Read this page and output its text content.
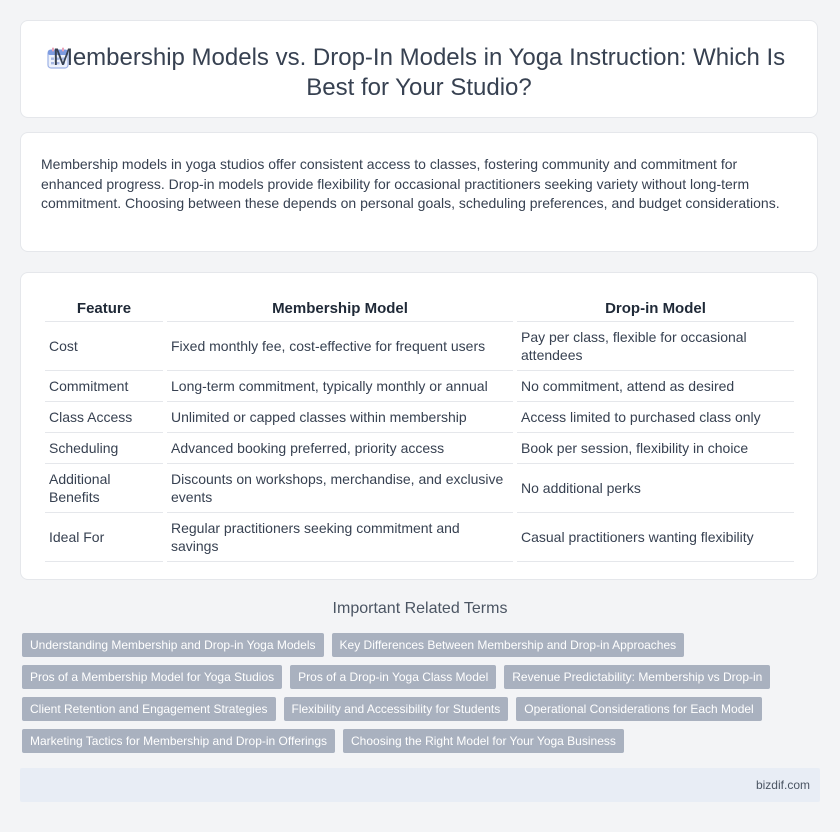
Membership Models vs. Drop-In Models in Yoga Instruction: Which Is Best for Your Studio?
Membership models in yoga studios offer consistent access to classes, fostering community and commitment for enhanced progress. Drop-in models provide flexibility for occasional practitioners seeking variety without long-term commitment. Choosing between these depends on personal goals, scheduling preferences, and budget considerations.
Feature	Membership Model	Drop-in Model
Cost	Fixed monthly fee, cost-effective for frequent users	Pay per class, flexible for occasional attendees
Commitment	Long-term commitment, typically monthly or annual	No commitment, attend as desired
Class Access	Unlimited or capped classes within membership	Access limited to purchased class only
Scheduling	Advanced booking preferred, priority access	Book per session, flexibility in choice
Additional Benefits	Discounts on workshops, merchandise, and exclusive events	No additional perks
Ideal For	Regular practitioners seeking commitment and savings	Casual practitioners wanting flexibility
Important Related Terms
Understanding Membership and Drop-in Yoga Models	Key Differences Between Membership and Drop-in Approaches
Pros of a Membership Model for Yoga Studios	Pros of a Drop-in Yoga Class Model	Revenue Predictability: Membership vs Drop-in
Client Retention and Engagement Strategies	Flexibility and Accessibility for Students	Operational Considerations for Each Model
Marketing Tactics for Membership and Drop-in Offerings	Choosing the Right Model for Your Yoga Business
bizdif.com
